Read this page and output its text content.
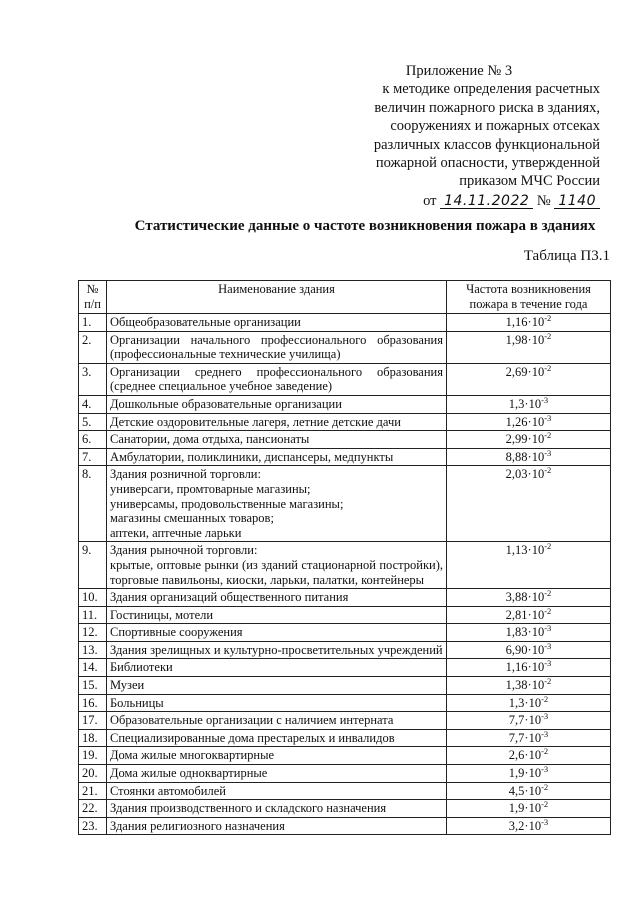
Приложение № 3
к методике определения расчетных
величин пожарного риска в зданиях,
сооружениях и пожарных отсеках
различных классов функциональной
пожарной опасности, утвержденной
приказом МЧС России
от 14.11.2022 № 1140
Статистические данные о частоте возникновения пожара в зданиях
Таблица П3.1
№
п/п	Наименование здания	Частота возникновения пожара в течение года
1.	Общеобразовательные организации	$1,16\cdot 10^{-2}$
2.	Организации начального профессионального образования (профессиональные технические училища)	$1,98\cdot 10^{-2}$
3.	Организации среднего профессионального образования (среднее специальное учебное заведение)	$2,69\cdot 10^{-2}$
4.	Дошкольные образовательные организации	$1,3\cdot 10^{-3}$
5.	Детские оздоровительные лагеря, летние детские дачи	$1,26\cdot 10^{-3}$
6.	Санатории, дома отдыха, пансионаты	$2,99\cdot 10^{-2}$
7.	Амбулатории, поликлиники, диспансеры, медпункты	$8,88\cdot 10^{-3}$
8.	Здания розничной торговли:
универсаги, промтоварные магазины;
универсамы, продовольственные магазины;
магазины смешанных товаров;
аптеки, аптечные ларьки	$2,03\cdot 10^{-2}$
9.	Здания рыночной торговли:
крытые, оптовые рынки (из зданий стационарной постройки), торговые павильоны, киоски, ларьки, палатки, контейнеры	$1,13\cdot 10^{-2}$
10.	Здания организаций общественного питания	$3,88\cdot 10^{-2}$
11.	Гостиницы, мотели	$2,81\cdot 10^{-2}$
12.	Спортивные сооружения	$1,83\cdot 10^{-3}$
13.	Здания зрелищных и культурно-просветительных учреждений	$6,90\cdot 10^{-3}$
14.	Библиотеки	$1,16\cdot 10^{-3}$
15.	Музеи	$1,38\cdot 10^{-2}$
16.	Больницы	$1,3\cdot 10^{-2}$
17.	Образовательные организации с наличием интерната	$7,7\cdot 10^{-3}$
18.	Специализированные дома престарелых и инвалидов	$7,7\cdot 10^{-3}$
19.	Дома жилые многоквартирные	$2,6\cdot 10^{-2}$
20.	Дома жилые одноквартирные	$1,9\cdot 10^{-3}$
21.	Стоянки автомобилей	$4,5\cdot 10^{-2}$
22.	Здания производственного и складского назначения	$1,9\cdot 10^{-2}$
23.	Здания религиозного назначения	$3,2\cdot 10^{-3}$
